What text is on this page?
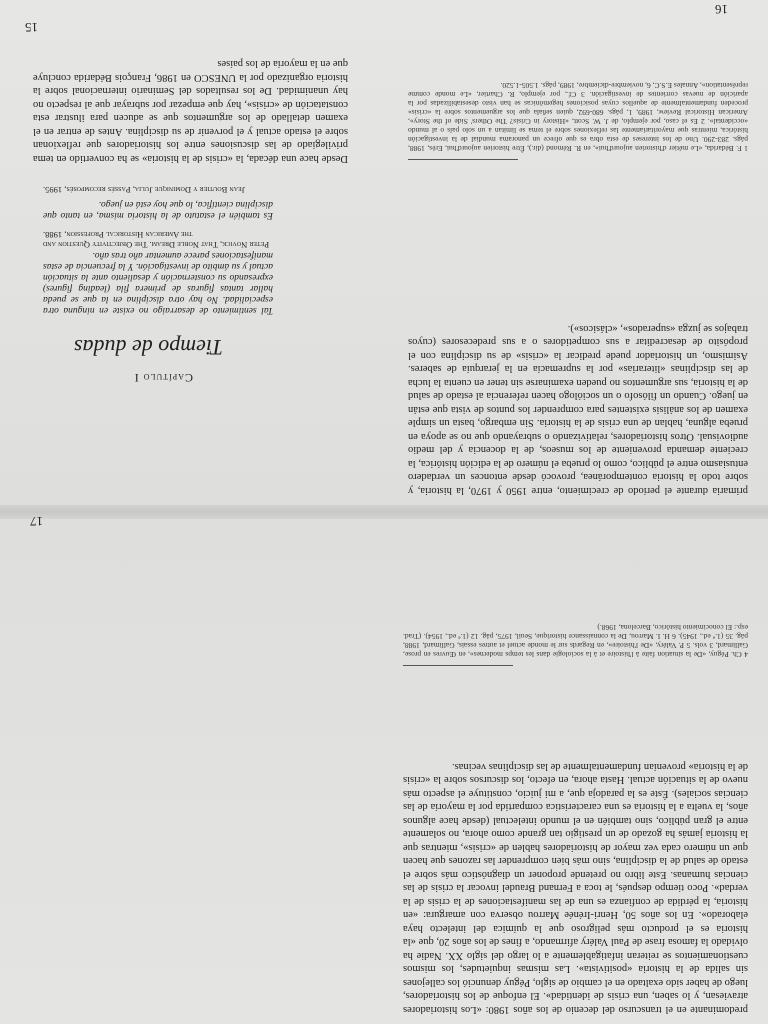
16
15
primaria durante el período de crecimiento, entre 1950 y 1970, la historia, y sobre todo la historia contemporánea, provocó desde entonces un verdadero entusiasmo entre el público, como lo prueba el número de la edición histórica, la creciente demanda proveniente de los museos, de la docencia y del medio audiovisual. Otros historiadores, relativizando o subrayando que no se apoya en prueba alguna, hablan de una crisis de la historia. Sin embargo, basta un simple examen de los análisis existentes para comprender los puntos de vista que están en juego. Cuando un filósofo o un sociólogo hacen referencia al estado de salud de la historia, sus argumentos no pueden examinarse sin tener en cuenta la lucha de las disciplinas «literarias» por la supremacía en la jerarquía de saberes. Asimismo, un historiador puede predicar la «crisis» de su disciplina con el propósito de desacreditar a sus competidores o a sus predecesores (cuyos trabajos se juzga «superados», «clásicos»).
1 F. Bédarida, «Le métier d'historien aujourd'hui», en R. Rémond (dir.), Être historien aujourd'hui, Erès, 1988, págs. 283-290. Uno de los intereses de esta obra es que ofrece un panorama mundial de la investigación histórica, mientras que mayoritariamente las reflexiones sobre el tema se limitan a un solo país o al mundo «occidental». 2 Es el caso, por ejemplo, de J. W. Scott, «History in Crisis? The Others' Side of the Story», American Historical Review, 1989, 1, págs. 680-692, quien señala que los arguementos sobre la «crisis» proceden fundamentalmente de aquellos cuyas posiciones hegemónicas se han visto desestabilizadas por la aparición de nuevas corrientes de investigación. 3 Cf., por ejemplo, R. Chartier, «Le monde comme représentation», Annales E.S.C, 6, noviembre-diciembre, 1989, págs. 1.505-1.520.
Capítulo I
Tiempo de dudas
Tal sentimiento de desarraigo no existe en ninguna otra especialidad. No hay otra disciplina en la que se pueda hallar tantas figuras de primera fila (leading figures) expresando su consternación y desaliento ante la situación actual y su ámbito de investigación. Y la frecuencia de estas manifestaciones parece aumentar año tras año.
Peter Novick, That Noble Dream. The Objectivity Question and the American Historical Profession, 1988.
Es también el estatuto de la historia misma, en tanto que disciplina científica, lo que hoy está en juego.
Jean Boutier y Dominique Julia, Passés recomposés, 1995.
Desde hace una década, la «crisis de la historia» se ha convertido en tema privilegiado de las discusiones entre los historiadores que reflexionan sobre el estado actual y el porvenir de su disciplina. Antes de entrar en el examen detallado de los argumentos que se aducen para ilustrar esta constatación de «crisis», hay que empezar por subrayar que al respecto no hay unanimidad. De los resultados del Seminario internacional sobre la historia organizado por la UNESCO en 1986, François Bédarida concluye que en la mayoría de los países
17
predominante en el transcurso del decenio de los años 1980: «Los historiadores atraviesan, y lo saben, una crisis de identidad». El enfoque de los historiadores, luego de haber sido exaltado en el cambio de siglo, Péguy denunció los callejones sin salida de la historia «positivista». Las mismas inquietudes, los mismos cuestionamientos se reiteran infatigablemente a lo largo del siglo XX. Nadie ha olvidado la famosa frase de Paul Valéry afirmando, a fines de los años 20, que «la historia es el producto más peligroso que la química del intelecto haya elaborado». En los años 50, Henri-Irénée Marrou observa con amargura: «en historia, la pérdida de confianza es una de las manifestaciones de la crisis de la verdad». Poco tiempo después, le toca a Fernand Braudel invocar la crisis de las ciencias humanas. Este libro no pretende proponer un diagnóstico más sobre el estado de salud de la disciplina, sino más bien comprender las razones que hacen que un número cada vez mayor de historiadores hablen de «crisis», mientras que la historia jamás ha gozado de un prestigio tan grande como ahora, no solamente entre el gran público, sino también en el mundo intelectual (desde hace algunos años, la vuelta a la historia es una característica compartida por la mayoría de las ciencias sociales). Éste es la paradoja que, a mi juicio, constituye el aspecto más nuevo de la situación actual. Hasta ahora, en efecto, los discursos sobre la «crisis de la historia» provenían fundamentalmente de las disciplinas vecinas.
4 Ch. Péguy, «De la situation faite à l'histoire et à la sociologie dans les temps modernes», en Œuvres en prose, Gallimard, 3 vols. 5 P. Valéry, «De l'histoire», en Regards sur le monde actuel et autres essais, Gallimard, 1988, pág. 35 (1.ª ed., 1945). 6 H. I. Marrou, De la connaissance historique, Seuil, 1975, pág. 12 (1.ª ed., 1954). (Trad. esp.: El conocimiento histórico, Barcelona, 1968.)
